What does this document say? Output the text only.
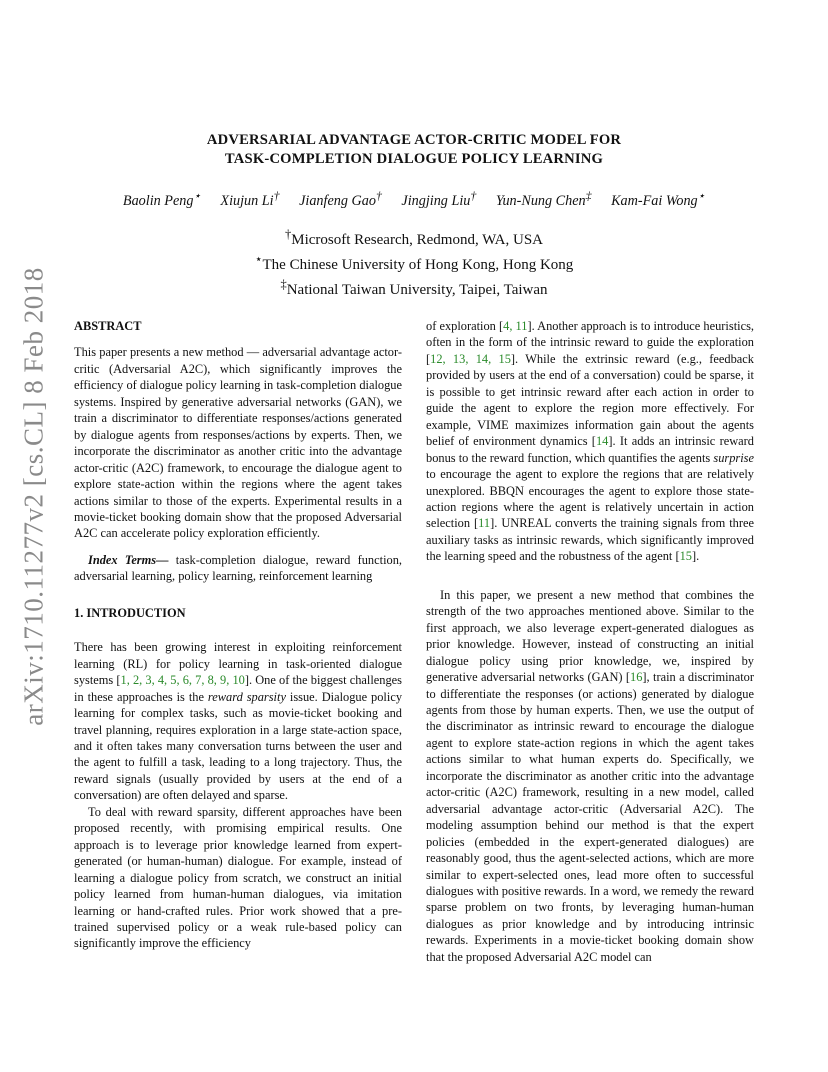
arXiv:1710.11277v2 [cs.CL] 8 Feb 2018
ADVERSARIAL ADVANTAGE ACTOR-CRITIC MODEL FOR
TASK-COMPLETION DIALOGUE POLICY LEARNING
Baolin Peng⋆ Xiujun Li† Jianfeng Gao† Jingjing Liu† Yun-Nung Chen‡ Kam-Fai Wong⋆
†Microsoft Research, Redmond, WA, USA
⋆The Chinese University of Hong Kong, Hong Kong
‡National Taiwan University, Taipei, Taiwan

ABSTRACT

This paper presents a new method — adversarial advantage actor-critic (Adversarial A2C), which significantly improves the efficiency of dialogue policy learning in task-completion dialogue systems. Inspired by generative adversarial networks (GAN), we train a discriminator to differentiate responses/actions generated by dialogue agents from responses/actions by experts. Then, we incorporate the discriminator as another critic into the advantage actor-critic (A2C) framework, to encourage the dialogue agent to explore state-action within the regions where the agent takes actions similar to those of the experts. Experimental results in a movie-ticket booking domain show that the proposed Adversarial A2C can accelerate policy exploration efficiently.

Index Terms— task-completion dialogue, reward function, adversarial learning, policy learning, reinforcement learning

1. INTRODUCTION

There has been growing interest in exploiting reinforcement learning (RL) for policy learning in task-oriented dialogue systems [1, 2, 3, 4, 5, 6, 7, 8, 9, 10]. One of the biggest challenges in these approaches is the reward sparsity issue. Dialogue policy learning for complex tasks, such as movie-ticket booking and travel planning, requires exploration in a large state-action space, and it often takes many conversation turns between the user and the agent to fulfill a task, leading to a long trajectory. Thus, the reward signals (usually provided by users at the end of a conversation) are often delayed and sparse.

To deal with reward sparsity, different approaches have been proposed recently, with promising empirical results. One approach is to leverage prior knowledge learned from expert-generated (or human-human) dialogue. For example, instead of learning a dialogue policy from scratch, we construct an initial policy learned from human-human dialogues, via imitation learning or hand-crafted rules. Prior work showed that a pre-trained supervised policy or a weak rule-based policy can significantly improve the efficiency

of exploration [4, 11]. Another approach is to introduce heuristics, often in the form of the intrinsic reward to guide the exploration [12, 13, 14, 15]. While the extrinsic reward (e.g., feedback provided by users at the end of a conversation) could be sparse, it is possible to get intrinsic reward after each action in order to guide the agent to explore the region more effectively. For example, VIME maximizes information gain about the agents belief of environment dynamics [14]. It adds an intrinsic reward bonus to the reward function, which quantifies the agents surprise to encourage the agent to explore the regions that are relatively unexplored. BBQN encourages the agent to explore those state-action regions where the agent is relatively uncertain in action selection [11]. UNREAL converts the training signals from three auxiliary tasks as intrinsic rewards, which significantly improved the learning speed and the robustness of the agent [15].

In this paper, we present a new method that combines the strength of the two approaches mentioned above. Similar to the first approach, we also leverage expert-generated dialogues as prior knowledge. However, instead of constructing an initial dialogue policy using prior knowledge, we, inspired by generative adversarial networks (GAN) [16], train a discriminator to differentiate the responses (or actions) generated by dialogue agents from those by human experts. Then, we use the output of the discriminator as intrinsic reward to encourage the dialogue agent to explore state-action regions in which the agent takes actions similar to what human experts do. Specifically, we incorporate the discriminator as another critic into the advantage actor-critic (A2C) framework, resulting in a new model, called adversarial advantage actor-critic (Adversarial A2C). The modeling assumption behind our method is that the expert policies (embedded in the expert-generated dialogues) are reasonably good, thus the agent-selected actions, which are more similar to expert-selected ones, lead more often to successful dialogues with positive rewards. In a word, we remedy the reward sparse problem on two fronts, by leveraging human-human dialogues as prior knowledge and by introducing intrinsic rewards. Experiments in a movie-ticket booking domain show that the proposed Adversarial A2C model can
